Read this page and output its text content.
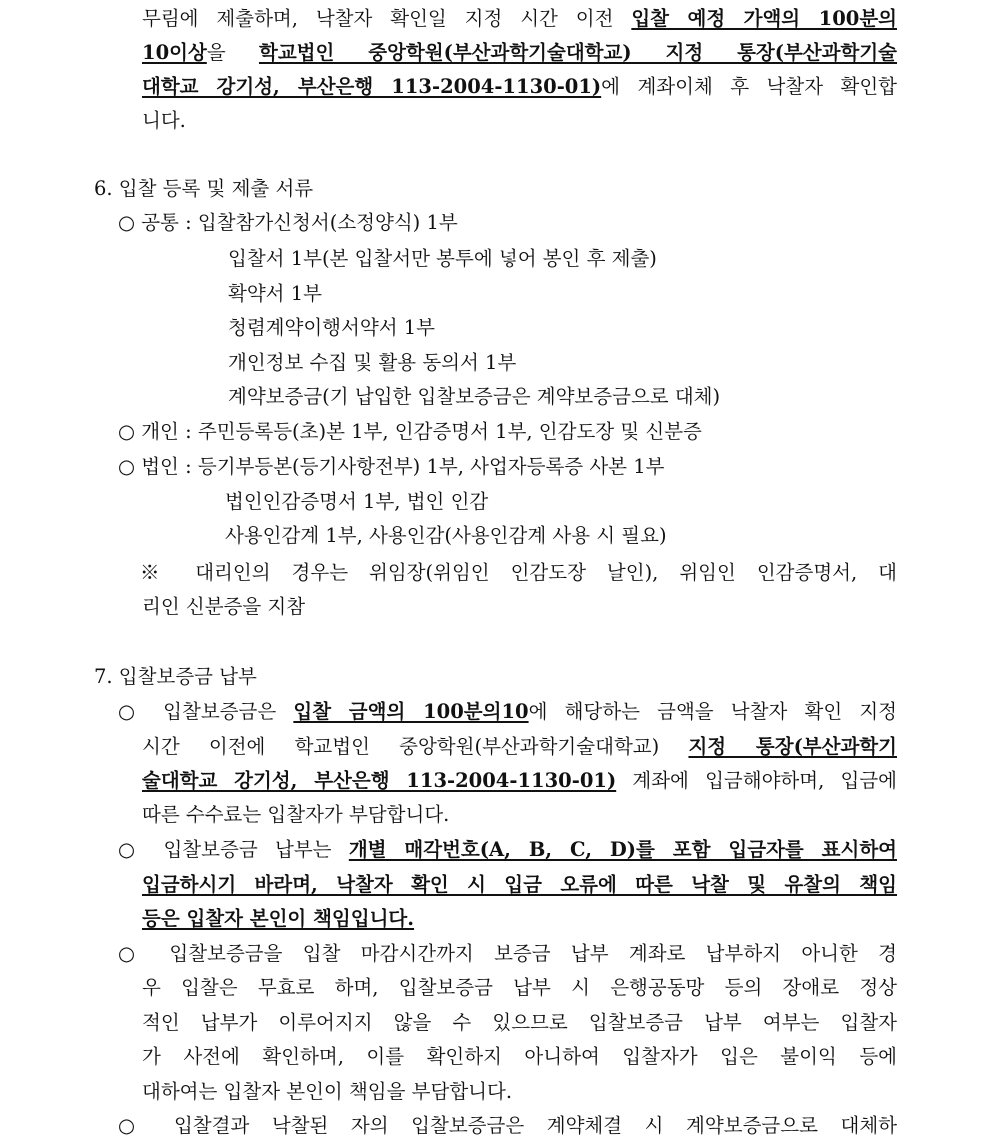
무림에 제출하며, 낙찰자 확인일 지정 시간 이전 입찰 예정 가액의 100분의
10이상을 학교법인 중앙학원(부산과학기술대학교) 지정 통장(부산과학기술
대학교 강기성, 부산은행 113-2004-1130-01)에 계좌이체 후 낙찰자 확인합
니다.
6. 입찰 등록 및 제출 서류
○ 공통 : 입찰참가신청서(소정양식) 1부
입찰서 1부(본 입찰서만 봉투에 넣어 봉인 후 제출)
확약서 1부
청렴계약이행서약서 1부
개인정보 수집 및 활용 동의서 1부
계약보증금(기 납입한 입찰보증금은 계약보증금으로 대체)
○ 개인 : 주민등록등(초)본 1부, 인감증명서 1부, 인감도장 및 신분증
○ 법인 : 등기부등본(등기사항전부) 1부, 사업자등록증 사본 1부
법인인감증명서 1부, 법인 인감
사용인감계 1부, 사용인감(사용인감계 사용 시 필요)
※ 대리인의 경우는 위임장(위임인 인감도장 날인), 위임인 인감증명서, 대
리인 신분증을 지참
7. 입찰보증금 납부
○ 입찰보증금은 입찰 금액의 100분의10에 해당하는 금액을 낙찰자 확인 지정
시간 이전에 학교법인 중앙학원(부산과학기술대학교) 지정 통장(부산과학기
술대학교 강기성, 부산은행 113-2004-1130-01) 계좌에 입금해야하며, 입금에
따른 수수료는 입찰자가 부담합니다.
○ 입찰보증금 납부는 개별 매각번호(A, B, C, D)를 포함 입금자를 표시하여
입금하시기 바라며, 낙찰자 확인 시 입금 오류에 따른 낙찰 및 유찰의 책임
등은 입찰자 본인이 책임입니다.
○ 입찰보증금을 입찰 마감시간까지 보증금 납부 계좌로 납부하지 아니한 경
우 입찰은 무효로 하며, 입찰보증금 납부 시 은행공동망 등의 장애로 정상
적인 납부가 이루어지지 않을 수 있으므로 입찰보증금 납부 여부는 입찰자
가 사전에 확인하며, 이를 확인하지 아니하여 입찰자가 입은 불이익 등에
대하여는 입찰자 본인이 책임을 부담합니다.
○ 입찰결과 낙찰된 자의 입찰보증금은 계약체결 시 계약보증금으로 대체하
